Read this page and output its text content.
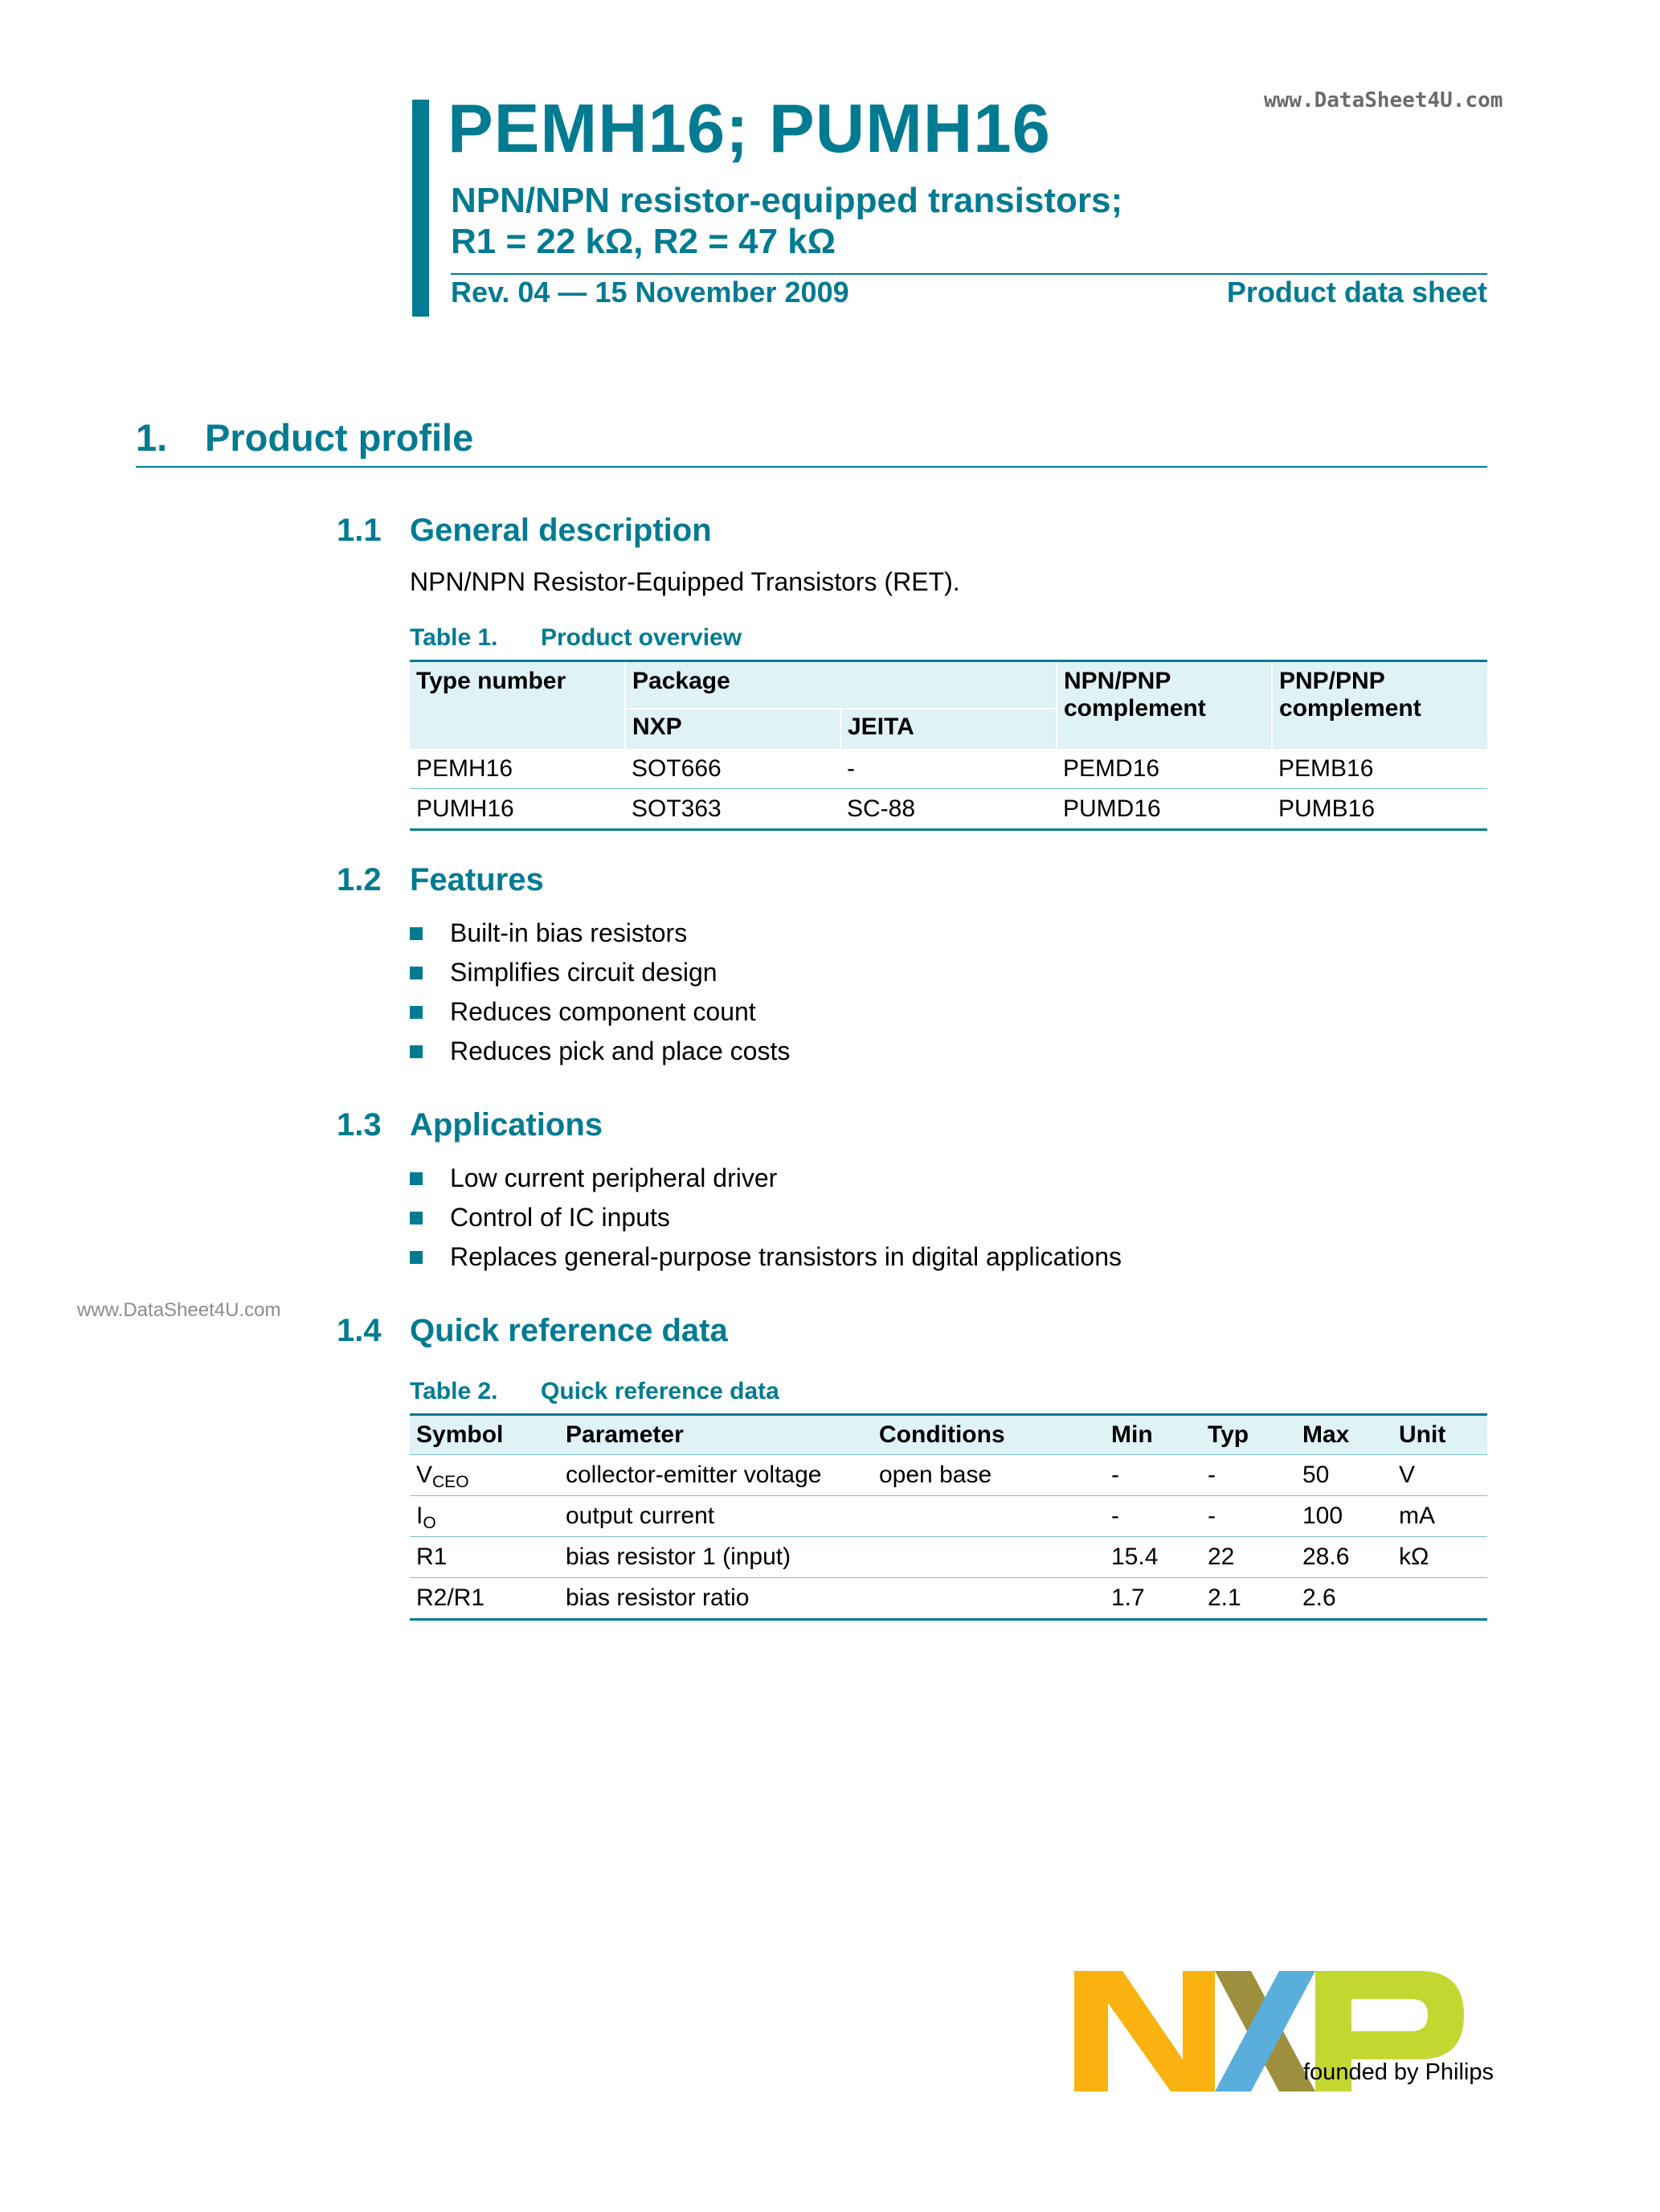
PEMH16; PUMH16	www.DataSheet4U.com
NPN/NPN resistor-equipped transistors;
R1 = 22 kΩ, R2 = 47 kΩ
Rev. 04 — 15 November 2009	Product data sheet
1. Product profile
1.1 General description
NPN/NPN Resistor-Equipped Transistors (RET).
Table 1. Product overview
Type number	Package		NPN/PNP complement	PNP/PNP complement
	NXP	JEITA		
PEMH16	SOT666	-	PEMD16	PEMB16
PUMH16	SOT363	SC-88	PUMD16	PUMB16
1.2 Features
Built-in bias resistors
Simplifies circuit design
Reduces component count
Reduces pick and place costs
1.3 Applications
Low current peripheral driver
Control of IC inputs
Replaces general-purpose transistors in digital applications
www.DataSheet4U.com
1.4 Quick reference data
Table 2. Quick reference data
Symbol	Parameter	Conditions	Min	Typ	Max	Unit
$V_{CEO}$	collector-emitter voltage	open base	-	-	50	V
$I_O$	output current		-	-	100	mA
R1	bias resistor 1 (input)		15.4	22	28.6	kΩ
R2/R1	bias resistor ratio		1.7	2.1	2.6	
founded by Philips
